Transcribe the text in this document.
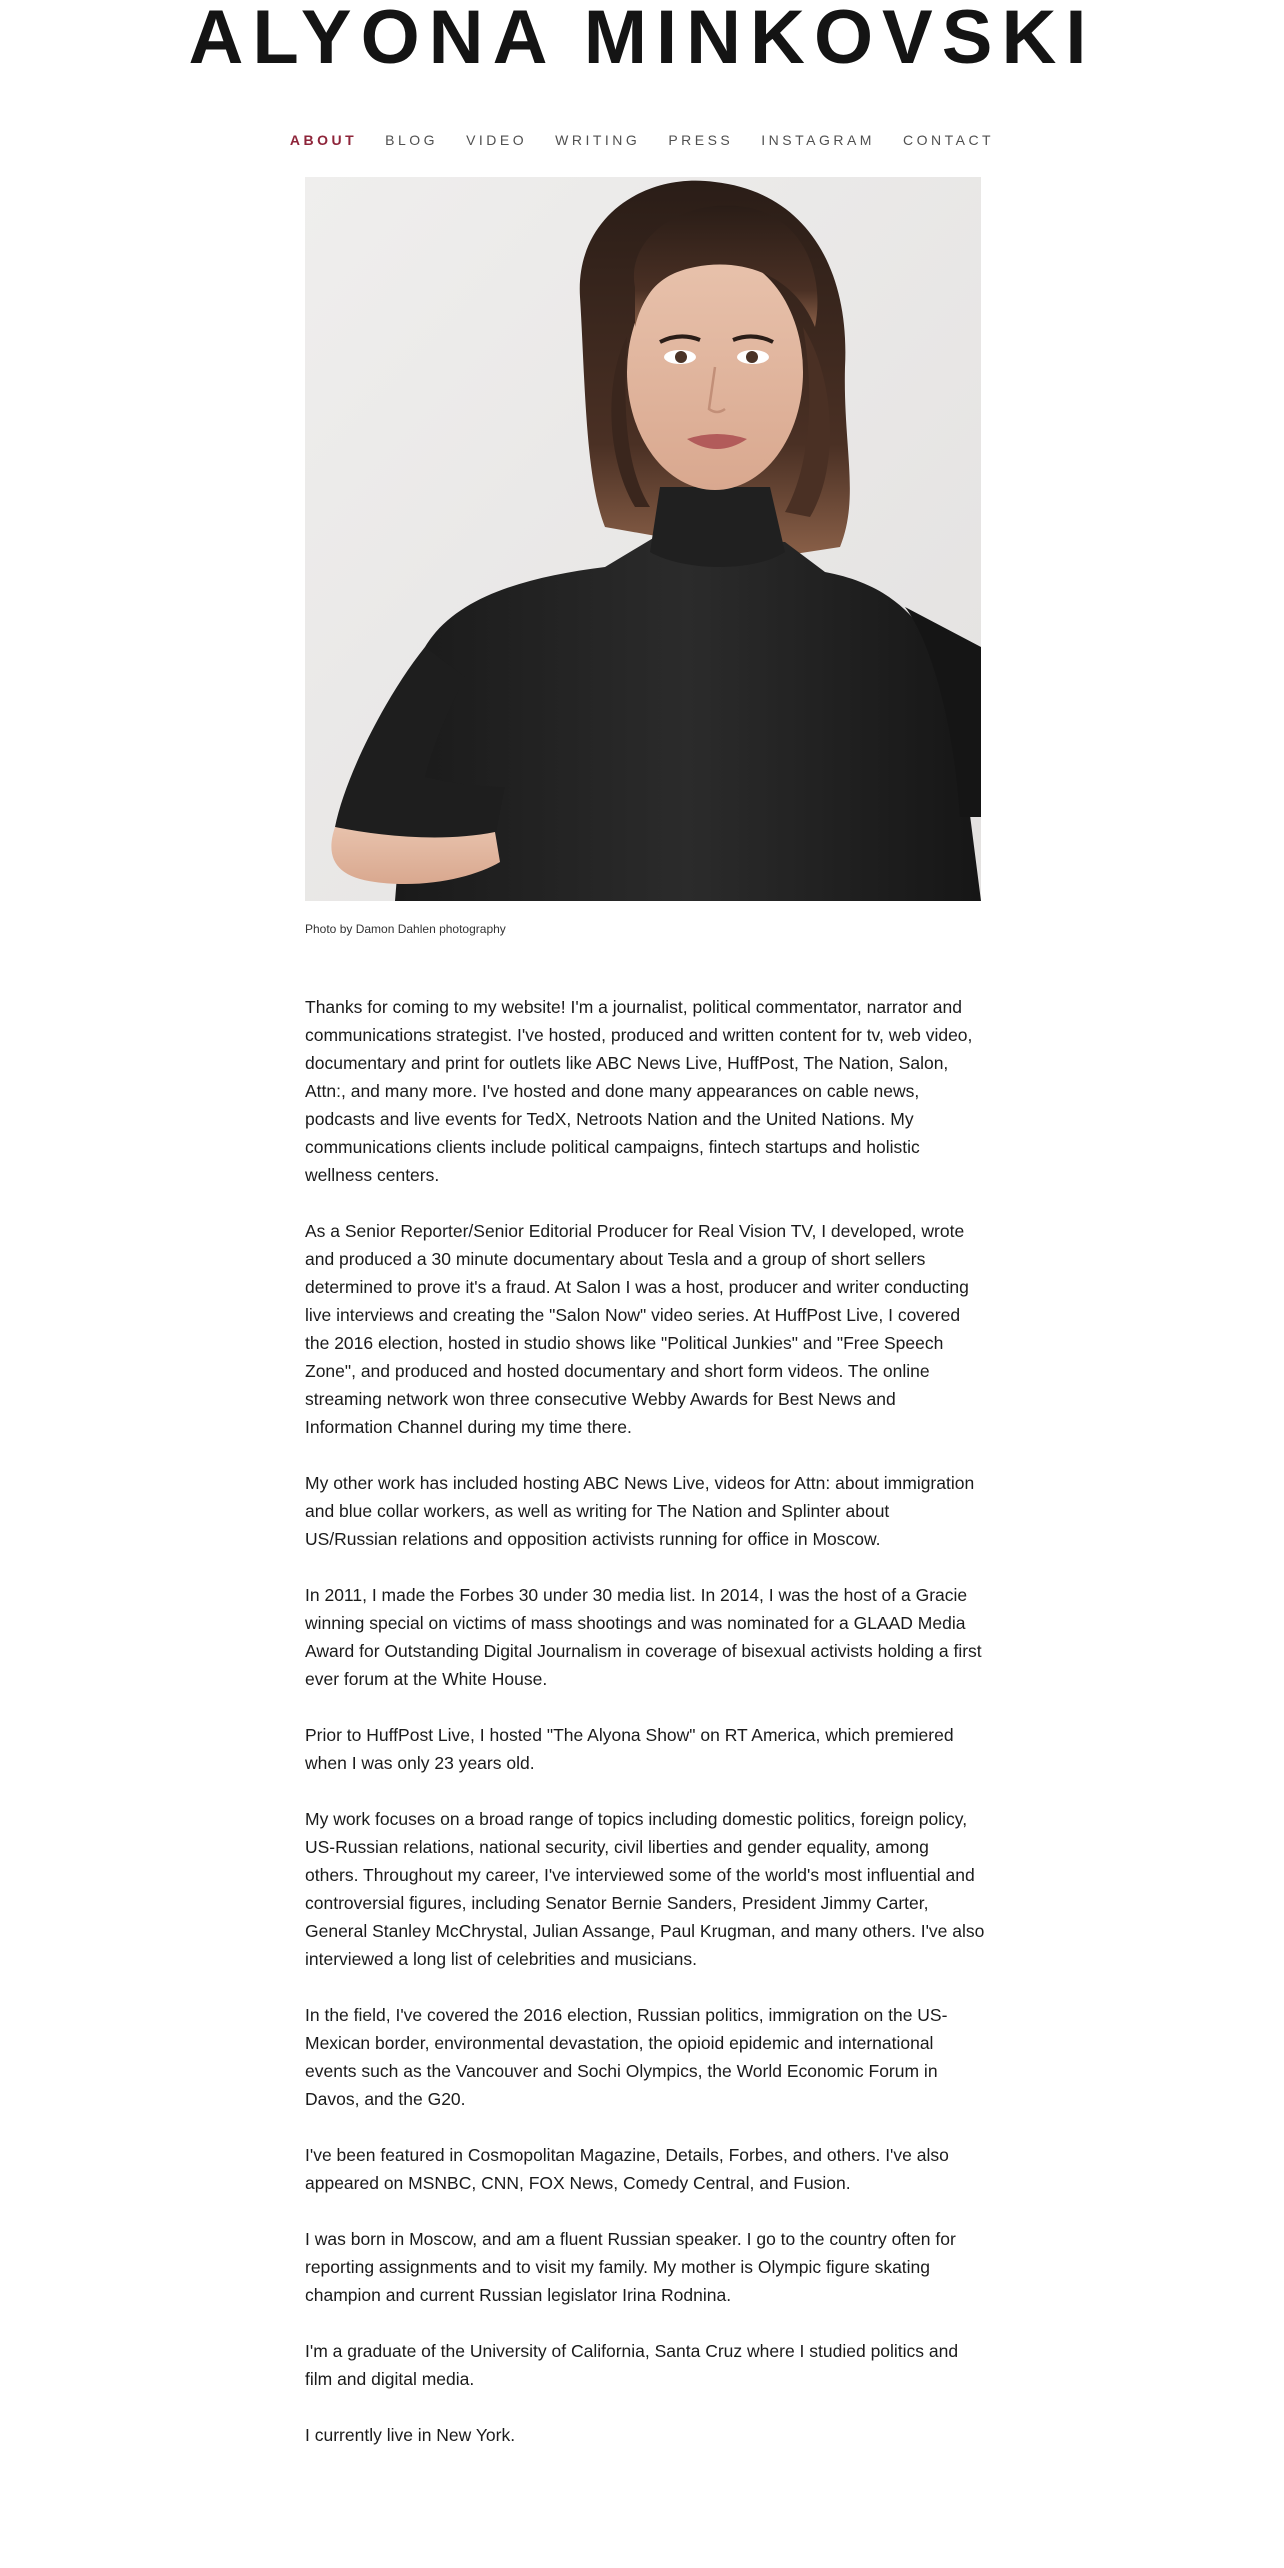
ALYONA MINKOVSKI
ABOUT BLOG VIDEO WRITING PRESS INSTAGRAM CONTACT
Photo by Damon Dahlen photography

Thanks for coming to my website! I'm a journalist, political commentator, narrator and communications strategist. I've hosted, produced and written content for tv, web video, documentary and print for outlets like ABC News Live, HuffPost, The Nation, Salon, Attn:, and many more. I've hosted and done many appearances on cable news, podcasts and live events for TedX, Netroots Nation and the United Nations. My communications clients include political campaigns, fintech startups and holistic wellness centers.

As a Senior Reporter/Senior Editorial Producer for Real Vision TV, I developed, wrote and produced a 30 minute documentary about Tesla and a group of short sellers determined to prove it's a fraud. At Salon I was a host, producer and writer conducting live interviews and creating the "Salon Now" video series. At HuffPost Live, I covered the 2016 election, hosted in studio shows like "Political Junkies" and "Free Speech Zone", and produced and hosted documentary and short form videos. The online streaming network won three consecutive Webby Awards for Best News and Information Channel during my time there.

My other work has included hosting ABC News Live, videos for Attn: about immigration and blue collar workers, as well as writing for The Nation and Splinter about US/Russian relations and opposition activists running for office in Moscow.

In 2011, I made the Forbes 30 under 30 media list. In 2014, I was the host of a Gracie winning special on victims of mass shootings and was nominated for a GLAAD Media Award for Outstanding Digital Journalism in coverage of bisexual activists holding a first ever forum at the White House.

Prior to HuffPost Live, I hosted "The Alyona Show" on RT America, which premiered when I was only 23 years old.

My work focuses on a broad range of topics including domestic politics, foreign policy, US-Russian relations, national security, civil liberties and gender equality, among others. Throughout my career, I've interviewed some of the world's most influential and controversial figures, including Senator Bernie Sanders, President Jimmy Carter, General Stanley McChrystal, Julian Assange, Paul Krugman, and many others. I've also interviewed a long list of celebrities and musicians.

In the field, I've covered the 2016 election, Russian politics, immigration on the US-Mexican border, environmental devastation, the opioid epidemic and international events such as the Vancouver and Sochi Olympics, the World Economic Forum in Davos, and the G20.

I've been featured in Cosmopolitan Magazine, Details, Forbes, and others. I've also appeared on MSNBC, CNN, FOX News, Comedy Central, and Fusion.

I was born in Moscow, and am a fluent Russian speaker. I go to the country often for reporting assignments and to visit my family. My mother is Olympic figure skating champion and current Russian legislator Irina Rodnina.

I'm a graduate of the University of California, Santa Cruz where I studied politics and film and digital media.

I currently live in New York.
